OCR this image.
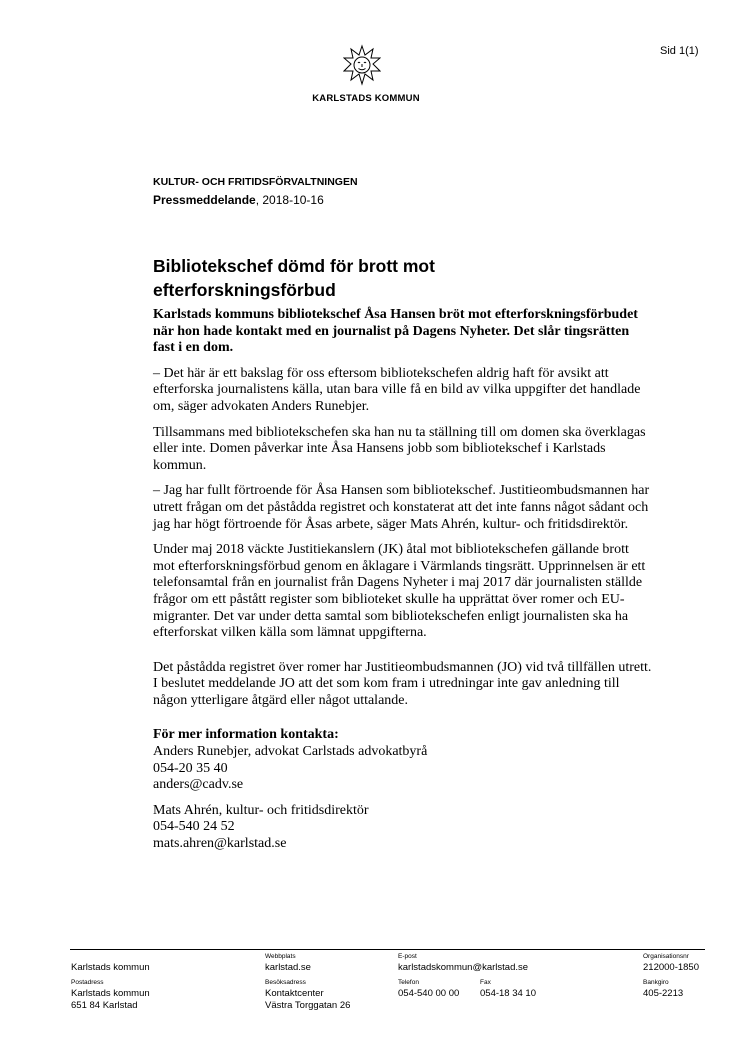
Sid 1(1)
KARLSTADS KOMMUN
KULTUR- OCH FRITIDSFÖRVALTNINGEN
Pressmeddelande, 2018-10-16
Bibliotekschef dömd för brott mot
efterforskningsförbud

Karlstads kommuns bibliotekschef Åsa Hansen bröt mot efterforskningsförbudet när hon hade kontakt med en journalist på Dagens Nyheter. Det slår tingsrätten fast i en dom.

– Det här är ett bakslag för oss eftersom bibliotekschefen aldrig haft för avsikt att efterforska journalistens källa, utan bara ville få en bild av vilka uppgifter det handlade om, säger advokaten Anders Runebjer.

Tillsammans med bibliotekschefen ska han nu ta ställning till om domen ska överklagas eller inte. Domen påverkar inte Åsa Hansens jobb som bibliotekschef i Karlstads kommun.

– Jag har fullt förtroende för Åsa Hansen som bibliotekschef. Justitieombudsmannen har utrett frågan om det påstådda registret och konstaterat att det inte fanns något sådant och jag har högt förtroende för Åsas arbete, säger Mats Ahrén, kultur- och fritidsdirektör.

Under maj 2018 väckte Justitiekanslern (JK) åtal mot bibliotekschefen gällande brott mot efterforskningsförbud genom en åklagare i Värmlands tingsrätt. Upprinnelsen är ett telefonsamtal från en journalist från Dagens Nyheter i maj 2017 där journalisten ställde frågor om ett påstått register som biblioteket skulle ha upprättat över romer och EU-migranter. Det var under detta samtal som bibliotekschefen enligt journalisten ska ha efterforskat vilken källa som lämnat uppgifterna.

Det påstådda registret över romer har Justitieombudsmannen (JO) vid två tillfällen utrett. I beslutet meddelande JO att det som kom fram i utredningar inte gav anledning till någon ytterligare åtgärd eller något uttalande.

För mer information kontakta:
Anders Runebjer, advokat Carlstads advokatbyrå
054-20 35 40
anders@cadv.se
Mats Ahrén, kultur- och fritidsdirektör
054-540 24 52
mats.ahren@karlstad.se
Karlstads kommun
Webbplats
karlstad.se
E-post
karlstadskommun@karlstad.se
Organisationsnr
212000-1850
Postadress
Karlstads kommun
651 84 Karlstad
Besöksadress
Kontaktcenter
Västra Torggatan 26
Telefon
054-540 00 00
Fax
054-18 34 10
Bankgiro
405-2213
